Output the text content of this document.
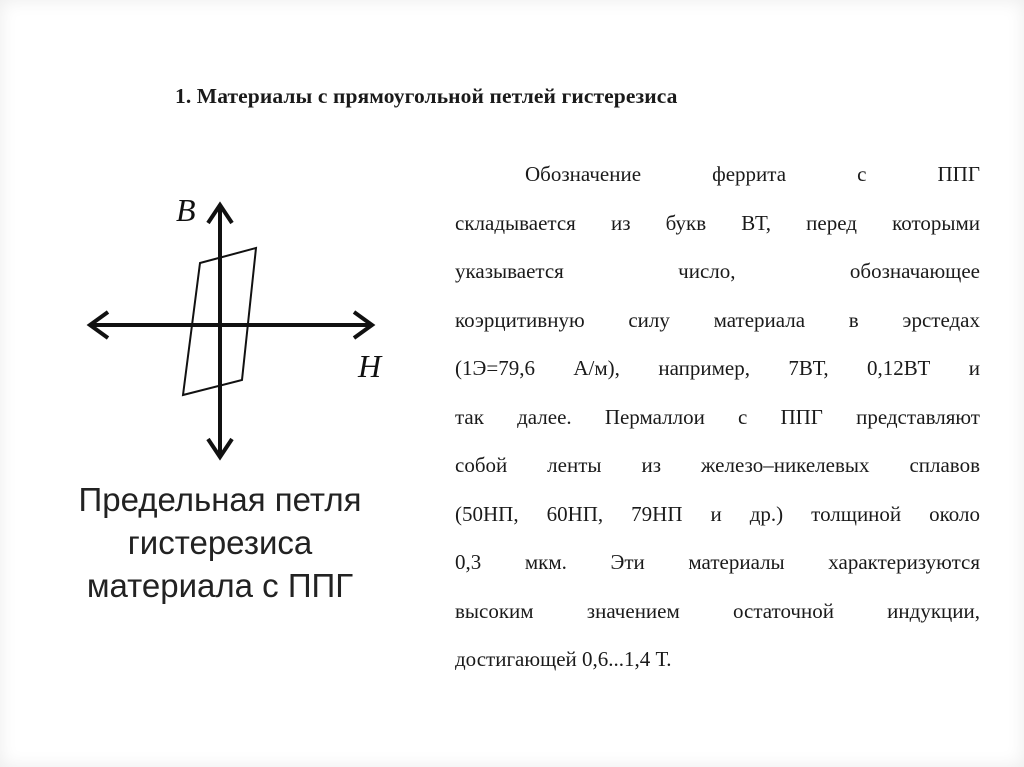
1. Материалы с прямоугольной петлей гистерезиса
B
H
Предельная петля
гистерезиса
материала с ППГ
Обозначение феррита с ППГ
складывается из букв ВТ, перед которыми
указывается число, обозначающее
коэрцитивную силу материала в эрстедах
(1Э=79,6 А/м), например, 7ВТ, 0,12ВТ и
так далее. Пермаллои с ППГ представляют
собой ленты из железо–никелевых сплавов
(50НП, 60НП, 79НП и др.) толщиной около
0,3 мкм. Эти материалы характеризуются
высоким значением остаточной индукции,
достигающей 0,6...1,4 Т.
